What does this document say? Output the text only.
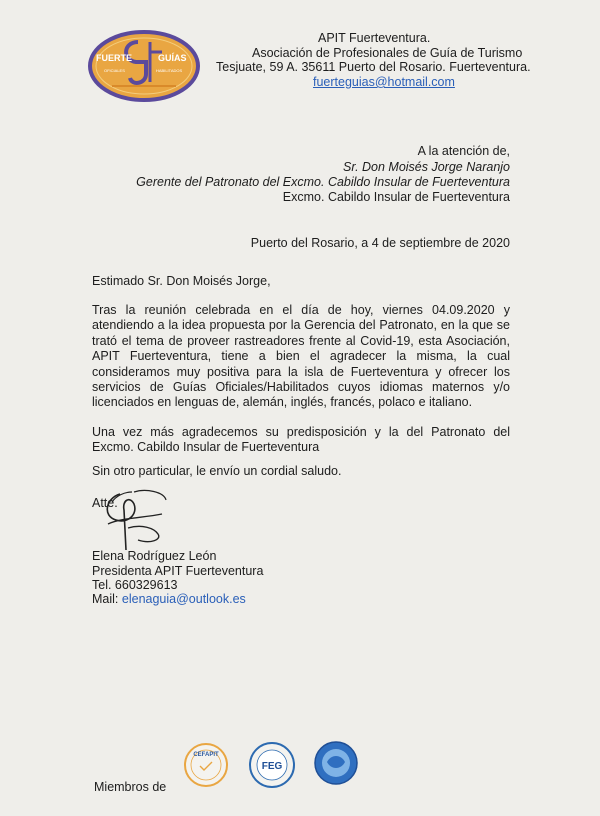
FUERTE	GUÍAS
OFICIALES	HABILITADOS
APIT Fuerteventura.
Asociación de Profesionales de Guía de Turismo
Tesjuate, 59 A. 35611 Puerto del Rosario. Fuerteventura.
fuerteguias@hotmail.com
A la atención de,
Sr. Don Moisés Jorge Naranjo
Gerente del Patronato del Excmo. Cabildo Insular de Fuerteventura
Excmo. Cabildo Insular de Fuerteventura
Puerto del Rosario, a 4 de septiembre de 2020
Estimado Sr. Don Moisés Jorge,

Tras la reunión celebrada en el día de hoy, viernes 04.09.2020 y atendiendo a la idea propuesta por la Gerencia del Patronato, en la que se trató el tema de proveer rastreadores frente al Covid-19, esta Asociación, APIT Fuerteventura, tiene a bien el agradecer la misma, la cual consideramos muy positiva para la isla de Fuerteventura y ofrecer los servicios de Guías Oficiales/Habilitados cuyos idiomas maternos y/o licenciados en lenguas de, alemán, inglés, francés, polaco e italiano.

Una vez más agradecemos su predisposición y la del Patronato del Excmo. Cabildo Insular de Fuerteventura

Sin otro particular, le envío un cordial saludo.
Atte.
Elena Rodríguez León
Presidenta APIT Fuerteventura
Tel. 660329613
Mail: elenaguia@outlook.es
Miembros de
CEFAPIT
FEG
